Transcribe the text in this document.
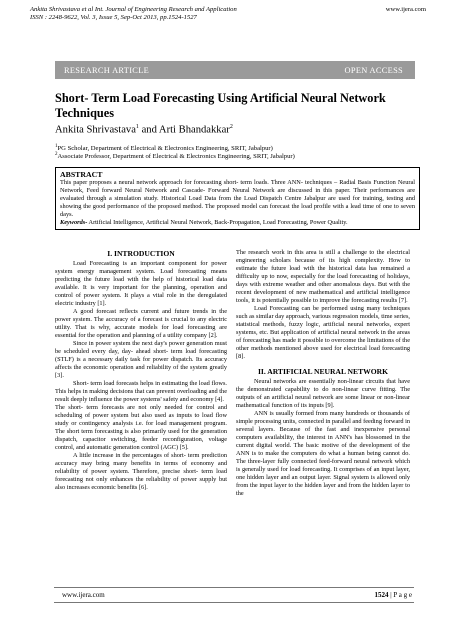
Ankita Shrivastava et al Int. Journal of Engineering Research and Application
ISSN : 2248-9622, Vol. 3, Issue 5, Sep-Oct 2013, pp.1524-1527
www.ijera.com
RESEARCH ARTICLE	OPEN ACCESS
Short- Term Load Forecasting Using Artificial Neural Network Techniques
Ankita Shrivastava$^1$ and Arti Bhandakkar$^2$
$^1$PG Scholar, Department of Electrical & Electronics Engineering, SRIT, Jabalpur)
$^2$Associate Professor, Department of Electrical & Electronics Engineering, SRIT, Jabalpur)
ABSTRACT

This paper proposes a neural network approach for forecasting short- term loads. Three ANN- techniques – Radial Basis Function Neural Network, Feed forward Neural Network and Cascade- Forward Neural Network are discussed in this paper. Their performances are evaluated through a simulation study. Historical Load Data from the Load Dispatch Centre Jabalpur are used for training, testing and showing the good performance of the proposed method. The proposed model can forecast the load profile with a lead time of one to seven days.

Keywords- Artificial Intelligence, Artificial Neural Network, Back-Propagation, Load Forecasting, Power Quality.

I. INTRODUCTION

Load Forecasting is an important component for power system energy management system. Load forecasting means predicting the future load with the help of historical load data available. It is very important for the planning, operation and control of power system. It plays a vital role in the deregulated electric industry [1].

A good forecast reflects current and future trends in the power system. The accuracy of a forecast is crucial to any electric utility. That is why, accurate models for load forecasting are essential for the operation and planning of a utility company [2].

Since in power system the next day's power generation must be scheduled every day, day- ahead short- term load forecasting (STLF) is a necessary daily task for power dispatch. Its accuracy affects the economic operation and reliability of the system greatly [3].

Short- term load forecasts helps in estimating the load flows. This helps in making decisions that can prevent overloading and the result deeply influence the power systems' safety and economy [4].

The short- term forecasts are not only needed for control and scheduling of power system but also used as inputs to load flow study or contingency analysis i.e. for load management program. The short term forecasting is also primarily used for the generation dispatch, capacitor switching, feeder reconfiguration, voltage control, and automatic generation control (AGC) [5].

A little increase in the percentages of short- term prediction accuracy may bring many benefits in terms of economy and reliability of power system. Therefore, precise short- term load forecasting not only enhances the reliability of power supply but also increases economic benefits [6].

The research work in this area is still a challenge to the electrical engineering scholars because of its high complexity. How to estimate the future load with the historical data has remained a difficulty up to now, especially for the load forecasting of holidays, days with extreme weather and other anomalous days. But with the recent development of new mathematical and artificial intelligence tools, it is potentially possible to improve the forecasting results [7].

Load Forecasting can be performed using many techniques such as similar day approach, various regression models, time series, statistical methods, fuzzy logic, artificial neural networks, expert systems, etc. But application of artificial neural network in the areas of forecasting has made it possible to overcome the limitations of the other methods mentioned above used for electrical load forecasting [8].

II. ARTIFICIAL NEURAL NETWORK

Neural networks are essentially non-linear circuits that have the demonstrated capability to do non-linear curve fitting. The outputs of an artificial neural network are some linear or non-linear mathematical function of its inputs [9].

ANN is usually formed from many hundreds or thousands of simple processing units, connected in parallel and feeding forward in several layers. Because of the fast and inexpensive personal computers availability, the interest in ANN's has blossomed in the current digital world. The basic motive of the development of the ANN is to make the computers do what a human being cannot do. The three-layer fully connected feed-forward neural network which is generally used for load forecasting. It comprises of an input layer, one hidden layer and an output layer. Signal system is allowed only from the input layer to the hidden layer and from the hidden layer to the

www.ijera.com	1524 | P a g e
